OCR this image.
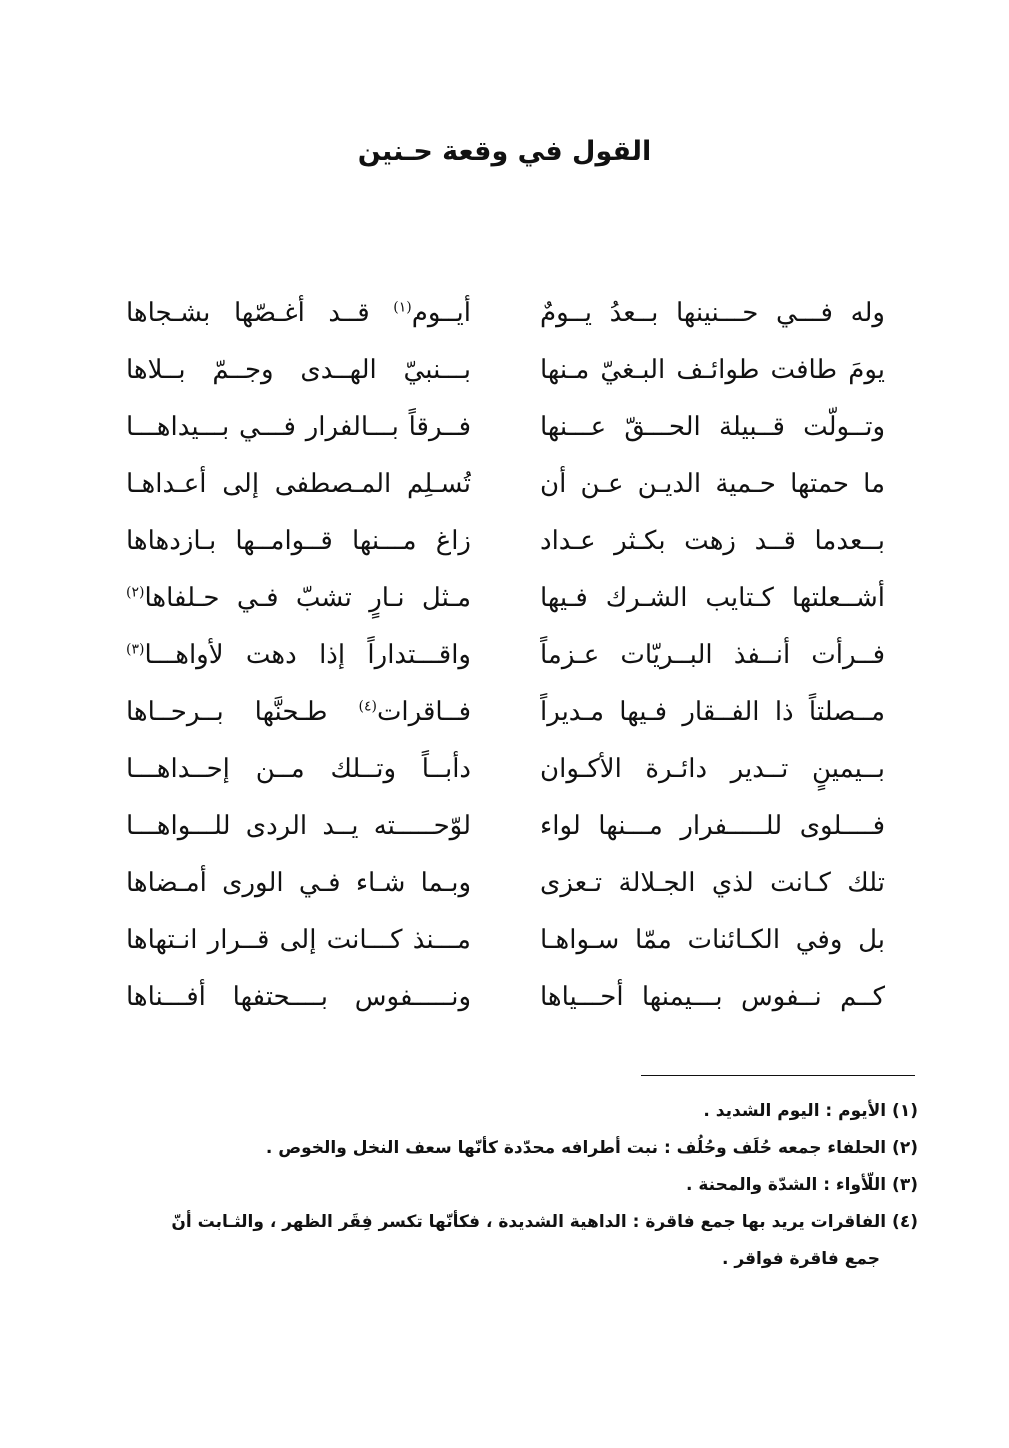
القول في وقعة حـنين
وله فـــي حـــنينها بــعدُ يــومٌ
أيــوم$^{(١)}$ قــد أغـصّها بشـجاها
يومَ طافت طوائـف البـغيّ مـنها
بـــنبيّ الهــدى وجــمّ بــلاها
وتــولّت قــبيلة الحـــقّ عـــنها
فــرقاً بـــالفرار فـــي بـــيداهـــا
ما حمتها حـمية الديـن عـن أن
تُسـلِم المـصطفى إلى أعـداهـا
بــعدما قــد زهت بكـثر عـداد
زاغ مـــنها قــوامــها بـازدهاها
أشــعلتها كـتايب الشـرك فـيها
مـثل نـارٍ تشبّ فـي حـلفاها$^{(٢)}$
فــرأت أنــفذ البــريّات عـزماً
واقـــتداراً إذا دهت لأواهـــا$^{(٣)}$
مــصلتاً ذا الفــقار فـيها مـديراً
فــاقرات$^{(٤)}$ طـحنَّها بــرحــاها
بــيمينٍ تــدير دائـرة الأكـوان
دأبــاً وتــلك مــن إحــداهـــا
فــــلوى للـــــفرار مـــنها لواء
لوّحـــــته يــد الردى للـــواهـــا
تلك كـانت لذي الجـلالة تـعزى
وبـما شـاء فـي الورى أمـضاها
بل وفي الكـائنات ممّا سـواهـا
مـــنذ كـــانت إلى قــرار انـتهاها
كــم نــفوس بـــيمنها أحـــياها
ونـــــفوس بــــحتفها أفـــناها
(١) الأيوم : اليوم الشديد .
(٢) الحلفاء جمعه حُلَف وحُلُف : نبت أطرافه محدّدة كأنّها سعف النخل والخوص .
(٣) اللّأواء : الشدّة والمحنة .
(٤) الفاقرات يريد بها جمع فاقرة : الداهية الشديدة ، فكأنّها تكسر فِقَر الظهر ، والثـابت أنّ
جمع فاقرة فواقر .
